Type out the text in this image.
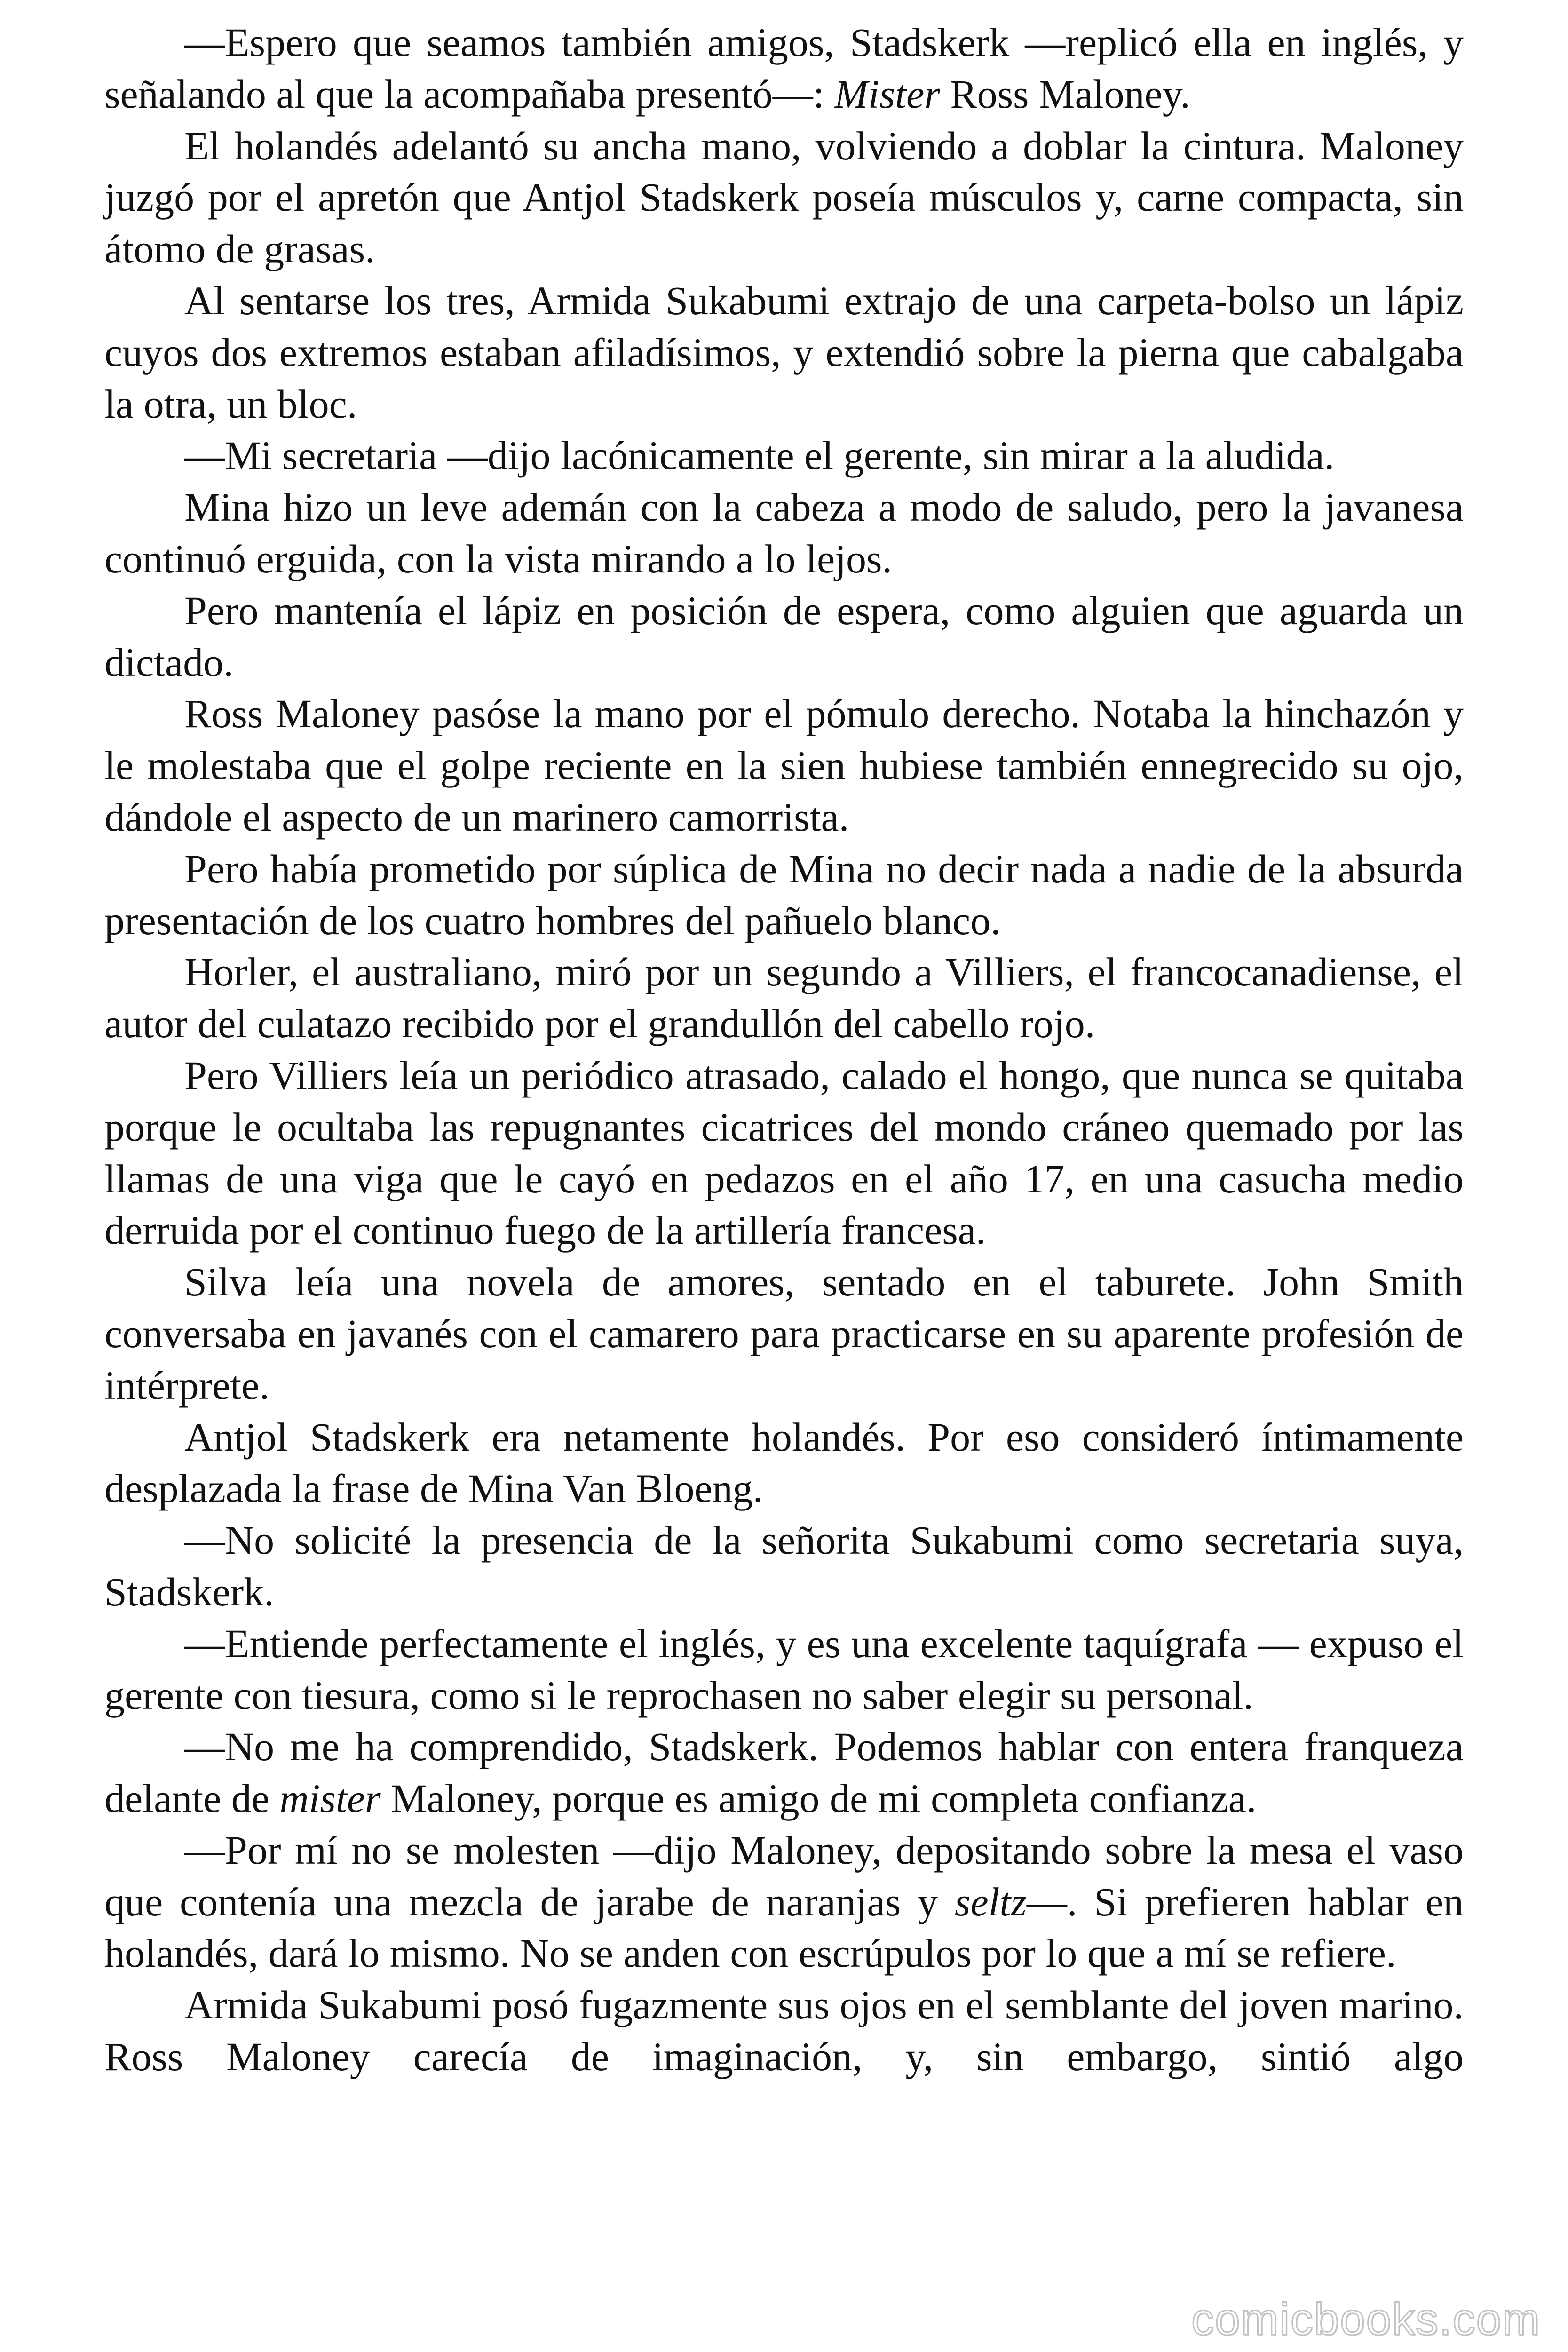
—Espero que seamos también amigos, Stadskerk —replicó ella en inglés, y señalando al que la acompañaba presentó—: Mister Ross Maloney.

El holandés adelantó su ancha mano, volviendo a doblar la cintura. Maloney juzgó por el apretón que Antjol Stadskerk poseía músculos y, carne compacta, sin átomo de grasas.

Al sentarse los tres, Armida Sukabumi extrajo de una carpeta-bolso un lápiz cuyos dos extremos estaban afiladísimos, y extendió sobre la pierna que cabalgaba la otra, un bloc.

—Mi secretaria —dijo lacónicamente el gerente, sin mirar a la aludida.

Mina hizo un leve ademán con la cabeza a modo de saludo, pero la javanesa continuó erguida, con la vista mirando a lo lejos.

Pero mantenía el lápiz en posición de espera, como alguien que aguarda un dictado.

Ross Maloney pasóse la mano por el pómulo derecho. Notaba la hinchazón y le molestaba que el golpe reciente en la sien hubiese también ennegrecido su ojo, dándole el aspecto de un marinero camorrista.

Pero había prometido por súplica de Mina no decir nada a nadie de la absurda presentación de los cuatro hombres del pañuelo blanco.

Horler, el australiano, miró por un segundo a Villiers, el francocanadiense, el autor del culatazo recibido por el grandullón del cabello rojo.

Pero Villiers leía un periódico atrasado, calado el hongo, que nunca se quitaba porque le ocultaba las repugnantes cicatrices del mondo cráneo quemado por las llamas de una viga que le cayó en pedazos en el año 17, en una casucha medio derruida por el continuo fuego de la artillería francesa.

Silva leía una novela de amores, sentado en el taburete. John Smith conversaba en javanés con el camarero para practicarse en su aparente profesión de intérprete.

Antjol Stadskerk era netamente holandés. Por eso consideró íntimamente desplazada la frase de Mina Van Bloeng.

—No solicité la presencia de la señorita Sukabumi como secretaria suya, Stadskerk.

—Entiende perfectamente el inglés, y es una excelente taquígrafa — expuso el gerente con tiesura, como si le reprochasen no saber elegir su personal.

—No me ha comprendido, Stadskerk. Podemos hablar con entera franqueza delante de mister Maloney, porque es amigo de mi completa confianza.

—Por mí no se molesten —dijo Maloney, depositando sobre la mesa el vaso que contenía una mezcla de jarabe de naranjas y seltz—. Si prefieren hablar en holandés, dará lo mismo. No se anden con escrúpulos por lo que a mí se refiere.

Armida Sukabumi posó fugazmente sus ojos en el semblante del joven marino. Ross Maloney carecía de imaginación, y, sin embargo, sintió algo

comicbooks.com
